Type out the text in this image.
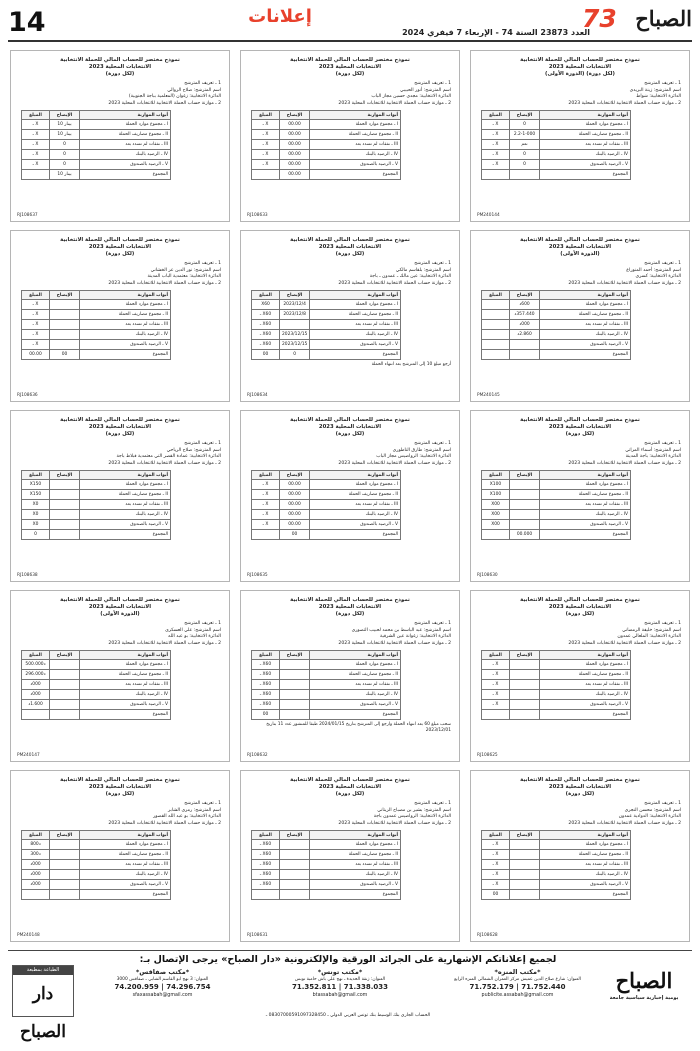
14	إعلانات
العدد 23873 السنة 74 - الإربعاء 7 فيفري 2024
73 الصباح
نموذج مختصر للحساب المالي للحملة الانتخابية
الانتخابات المحلية 2023
(لكل دورة) (الدورة الأولى)
1 ـ تعريف المترشح
اسم المترشح: زينة البريدي
الدائرة الانتخابية: شواط
2 ـ موازنة حساب الحملة الانتخابية للانتخابات المحلية 2023
أبواب الموازنة	الإيصاح	المبلغ
I ـ مجموع موارد الحملة	0	X ـ
II ـ مجموع مصاريف الحملة	2.2-1-000	X ـ
III ـ نفقات لم تسدد بعد	نعم	X ـ
IV ـ الرصيد بالبنك	0	X ـ
V ـ الرصيد بالصندوق	0	X ـ
المجموع		
PM240144
نموذج مختصر للحساب المالي للحملة الانتخابية
الانتخابات المحلية 2023
(لكل دورة)
1 ـ تعريف المترشح
اسم المترشح: أنور الحبيبي
الدائرة الانتخابية: مجدي حسين مجاز الباب
2 ـ موازنة حساب الحملة الانتخابية للانتخابات المحلية 2023
أبواب الموازنة	الإيصاح	المبلغ
I ـ مجموع موارد الحملة	00.00	X ـ
II ـ مجموع مصاريف الحملة	00.00	X ـ
III ـ نفقات لم تسدد بعد	00.00	X ـ
IV ـ الرصيد بالبنك	00.00	X ـ
V ـ الرصيد بالصندوق	00.00	X ـ
المجموع	00.00	
RJ108633
نموذج مختصر للحساب المالي للحملة الانتخابية
الانتخابات المحلية 2023
(لكل دورة)
1 ـ تعريف المترشح
اسم المترشح: صلاح الزوالي
الدائرة الانتخابية: زغوان (المعلمية بباجة الجنوبية)
2 ـ موازنة حساب الحملة الانتخابية للانتخابات المحلية 2023
أبواب الموازنة	الإيصاح	المبلغ
I ـ مجموع موارد الحملة	بينار 10	X ـ
II ـ مجموع مصاريف الحملة	بينار 10	X ـ
III ـ نفقات لم تسدد بعد	0	X ـ
IV ـ الرصيد بالبنك	0	X ـ
V ـ الرصيد بالصندوق	0	X ـ
المجموع	بينار 10	
RJ108637
نموذج مختصر للحساب المالي للحملة الانتخابية
الانتخابات المحلية 2023
(الدورة الأولى)
1 ـ تعريف المترشح
اسم المترشح: أحمد المنوراع
الدائرة الانتخابية: كسري
2 ـ موازنة حساب الحملة الانتخابية للانتخابات المحلية 2023
أبواب الموازنة	الإيصاح	المبلغ
I ـ مجموع موارد الحملة	600د	
II ـ مجموع مصاريف الحملة	357.440د	
III ـ نفقات لم تسدد بعد	000د	
IV ـ الرصيد بالبنك	2.860د	
V ـ الرصيد بالصندوق		
المجموع		
PM240145
نموذج مختصر للحساب المالي للحملة الانتخابية
الانتخابات المحلية 2023
(لكل دورة)
1 ـ تعريف المترشح
اسم المترشح: بلقاسم مالكي
الدائرة الانتخابية: عين مالك ـ عمدون ـ باجة
2 ـ موازنة حساب الحملة الانتخابية للانتخابات المحلية 2023
أبواب الموازنة	الإيصاح	المبلغ
I ـ مجموع موارد الحملة	2023/12/4	X60
II ـ مجموع مصاريف الحملة	2023/12/8	X60 ـ
III ـ نفقات لم تسدد بعد		X60 ـ
IV ـ الرصيد بالبنك	2023/12/15	X60 ـ
V ـ الرصيد بالصندوق	2023/12/15	X60 ـ
المجموع	0	00
أرجع مبلغ 10 إلى المترشح بعد انتهاء الحملة
RJ108634
نموذج مختصر للحساب المالي للحملة الانتخابية
الانتخابات المحلية 2023
(لكل دورة)
1 ـ تعريف المترشح
اسم المترشح: نور الدين عز الخشاني
الدائرة الانتخابية: معتمدية الباب المدينة
2 ـ موازنة حساب الحملة الانتخابية للانتخابات المحلية 2023
أبواب الموازنة	الإيصاح	المبلغ
I ـ مجموع موارد الحملة		X ـ
II ـ مجموع مصاريف الحملة		X ـ
III ـ نفقات لم تسدد بعد		X ـ
IV ـ الرصيد بالبنك		X ـ
V ـ الرصيد بالصندوق		X ـ
المجموع	00	00.00
RJ108636
نموذج مختصر للحساب المالي للحملة الانتخابية
الانتخابات المحلية 2023
(لكل دورة)
1 ـ تعريف المترشح
اسم المترشح: أسماء المزاتي
الدائرة الانتخابية: باجة المدينة
2 ـ موازنة حساب الحملة الانتخابية للانتخابات المحلية 2023
أبواب الموازنة	الإيصاح	المبلغ
I ـ مجموع موارد الحملة		X100
II ـ مجموع مصاريف الحملة		X100
III ـ نفقات لم تسدد بعد		X00
IV ـ الرصيد بالبنك		X00
V ـ الرصيد بالصندوق		X00
المجموع	00.000	
RJ108630
نموذج مختصر للحساب المالي للحملة الانتخابية
الانتخابات المحلية 2023
(لكل دورة)
1 ـ تعريف المترشح
اسم المترشح: طارق الناطوري
الدائرة الانتخابية: الرواضيس مجاز الباب
2 ـ موازنة حساب الحملة الانتخابية للانتخابات المحلية 2023
أبواب الموازنة	الإيصاح	المبلغ
I ـ مجموع موارد الحملة	00.00	X ـ
II ـ مجموع مصاريف الحملة	00.00	X ـ
III ـ نفقات لم تسدد بعد	00.00	X ـ
IV ـ الرصيد بالبنك	00.00	X ـ
V ـ الرصيد بالصندوق	00.00	X ـ
المجموع	00	
RJ108635
نموذج مختصر للحساب المالي للحملة الانتخابية
الانتخابات المحلية 2023
(لكل دورة)
1 ـ تعريف المترشح
اسم المترشح: صلاح الرياحي
الدائرة الانتخابية: عمادة القصر التي معتمدية قبلاط باجة
2 ـ موازنة حساب الحملة الانتخابية للانتخابات المحلية 2023
أبواب الموازنة	الإيصاح	المبلغ
I ـ مجموع موارد الحملة		X150
II ـ مجموع مصاريف الحملة		X150
III ـ نفقات لم تسدد بعد		X0
IV ـ الرصيد بالبنك		X0
V ـ الرصيد بالصندوق		X0
المجموع		0
RJ108638
نموذج مختصر للحساب المالي للحملة الانتخابية
الانتخابات المحلية 2023
(لكل دورة)
1 ـ تعريف المترشح
اسم المترشح: خليفة الرمضاني
الدائرة الانتخابية: الملعالي عمدون
2 ـ موازنة حساب الحملة الانتخابية للانتخابات المحلية 2023
أبواب الموازنة	الإيصاح	المبلغ
I ـ مجموع موارد الحملة		X ـ
II ـ مجموع مصاريف الحملة		X ـ
III ـ نفقات لم تسدد بعد		X ـ
IV ـ الرصيد بالبنك		X ـ
V ـ الرصيد بالصندوق		X ـ
المجموع		
RJ108625
نموذج مختصر للحساب المالي للحملة الانتخابية
الانتخابات المحلية 2023
(لكل دورة)
1 ـ تعريف المترشح
اسم المترشح: عبد الباسط بن محمد لحبيب التصوري
الدائرة الانتخابية: زغوانة عين الشرقية
2 ـ موازنة حساب الحملة الانتخابية للانتخابات المحلية 2023
أبواب الموازنة	الإيصاح	المبلغ
I ـ مجموع موارد الحملة		X60 ـ
II ـ مجموع مصاريف الحملة		X60 ـ
III ـ نفقات لم تسدد بعد		X60 ـ
IV ـ الرصيد بالبنك		X60 ـ
V ـ الرصيد بالصندوق		X60 ـ
المجموع		00
سحب مبلغ 60 بعد انتهاء الحملة وارجع إلى المترشح بتاريخ 2024/01/15 طبقا للمنشور عدد 11 بتاريخ 2023/12/01
RJ108632
نموذج مختصر للحساب المالي للحملة الانتخابية
الانتخابات المحلية 2023
(الدورة الأولى)
1 ـ تعريف المترشح
اسم المترشح: علي العسكري
الدائرة الانتخابية: بو عبد الله
2 ـ موازنة حساب الحملة الانتخابية للانتخابات المحلية 2023
أبواب الموازنة	الإيصاح	المبلغ
I ـ مجموع موارد الحملة		د500.000
II ـ مجموع مصاريف الحملة		د296.000
III ـ نفقات لم تسدد بعد		000د
IV ـ الرصيد بالبنك		000د
V ـ الرصيد بالصندوق		1.600د
المجموع		
PM240147
نموذج مختصر للحساب المالي للحملة الانتخابية
الانتخابات المحلية 2023
(لكل دورة)
1 ـ تعريف المترشح
اسم المترشح: محسن النجري
الدائرة الانتخابية: الدوادية عمدون
2 ـ موازنة حساب الحملة الانتخابية للانتخابات المحلية 2023
أبواب الموازنة	الإيصاح	المبلغ
I ـ مجموع موارد الحملة		X ـ
II ـ مجموع مصاريف الحملة		X ـ
III ـ نفقات لم تسدد بعد		X ـ
IV ـ الرصيد بالبنك		X ـ
V ـ الرصيد بالصندوق		X ـ
المجموع		00
RJ108628
نموذج مختصر للحساب المالي للحملة الانتخابية
الانتخابات المحلية 2023
(لكل دورة)
1 ـ تعريف المترشح
اسم المترشح: بشير بن مصباح الزيتاني
الدائرة الانتخابية: الرواضيس عمدون باجة
2 ـ موازنة حساب الحملة الانتخابية للانتخابات المحلية 2023
أبواب الموازنة	الإيصاح	المبلغ
I ـ مجموع موارد الحملة		X60 ـ
II ـ مجموع مصاريف الحملة		X60 ـ
III ـ نفقات لم تسدد بعد		X60 ـ
IV ـ الرصيد بالبنك		X60 ـ
V ـ الرصيد بالصندوق		X60 ـ
المجموع		
RJ108631
نموذج مختصر للحساب المالي للحملة الانتخابية
الانتخابات المحلية 2023
(لكل دورة)
1 ـ تعريف المترشح
اسم المترشح: رمزي الشابر
الدائرة الانتخابية: بو عبد الله القصور
2 ـ موازنة حساب الحملة الانتخابية للانتخابات المحلية 2023
أبواب الموازنة	الإيصاح	المبلغ
I ـ مجموع موارد الحملة		د800
II ـ مجموع مصاريف الحملة		د300
III ـ نفقات لم تسدد بعد		000د
IV ـ الرصيد بالبنك		000د
V ـ الرصيد بالصندوق		000د
المجموع		
PM240148
لجميع إعلاناتكم الإشهارية على الجرائد الورقية والإلكترونية «دار الصباح» يرجى الإتصال بـ:
الصباح
يومية إخبارية سياسية جامعة
الطباعة بمطبعة
دار الصباح
*مكتب المنزه*
العنوان: شارع صلاح الدين عميش مركز العمران الشمالي المنزه الرابع
71.752.179 | 71.752.440
publicite.assabah@gmail.com
*مكتب تونس*
العنوان: زنقة الحديدة ـ نهج علي باش حامبة تونس
71.352.811 | 71.338.033
btassabah@gmail.com
*مكتب صفاقس*
العنوان: 3 نهج ابو القاسم الشابي ـ صفاقس 3000
74.200.959 | 74.296.754
sfaxassabah@gmail.com
الحساب الجاري بنك الوسيط بنك تونس العربي الدولي ـ 08307000591097328450 ـ
